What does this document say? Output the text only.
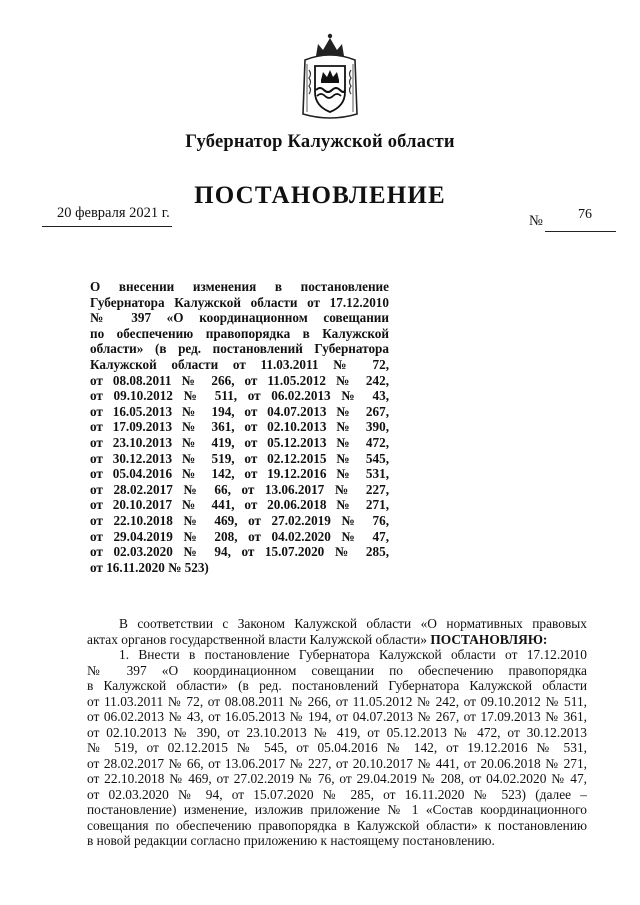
Губернатор Калужской области
ПОСТАНОВЛЕНИЕ
20 февраля 2021 г.	№	76
О внесении изменения в постановление
Губернатора Калужской области от 17.12.2010
№ 397 «О координационном совещании
по обеспечению правопорядка в Калужской
области» (в ред. постановлений Губернатора
Калужской области от 11.03.2011 № 72,
от 08.08.2011 № 266, от 11.05.2012 № 242,
от 09.10.2012 № 511, от 06.02.2013 № 43,
от 16.05.2013 № 194, от 04.07.2013 № 267,
от 17.09.2013 № 361, от 02.10.2013 № 390,
от 23.10.2013 № 419, от 05.12.2013 № 472,
от 30.12.2013 № 519, от 02.12.2015 № 545,
от 05.04.2016 № 142, от 19.12.2016 № 531,
от 28.02.2017 № 66, от 13.06.2017 № 227,
от 20.10.2017 № 441, от 20.06.2018 № 271,
от 22.10.2018 № 469, от 27.02.2019 № 76,
от 29.04.2019 № 208, от 04.02.2020 № 47,
от 02.03.2020 № 94, от 15.07.2020 № 285,
от 16.11.2020 № 523)
В соответствии с Законом Калужской области «О нормативных правовых
актах органов государственной власти Калужской области» ПОСТАНОВЛЯЮ:
1. Внести в постановление Губернатора Калужской области от 17.12.2010
№ 397 «О координационном совещании по обеспечению правопорядка
в Калужской области» (в ред. постановлений Губернатора Калужской области
от 11.03.2011 № 72, от 08.08.2011 № 266, от 11.05.2012 № 242, от 09.10.2012 № 511,
от 06.02.2013 № 43, от 16.05.2013 № 194, от 04.07.2013 № 267, от 17.09.2013 № 361,
от 02.10.2013 № 390, от 23.10.2013 № 419, от 05.12.2013 № 472, от 30.12.2013
№ 519, от 02.12.2015 № 545, от 05.04.2016 № 142, от 19.12.2016 № 531,
от 28.02.2017 № 66, от 13.06.2017 № 227, от 20.10.2017 № 441, от 20.06.2018 № 271,
от 22.10.2018 № 469, от 27.02.2019 № 76, от 29.04.2019 № 208, от 04.02.2020 № 47,
от 02.03.2020 № 94, от 15.07.2020 № 285, от 16.11.2020 № 523) (далее –
постановление) изменение, изложив приложение № 1 «Состав координационного
совещания по обеспечению правопорядка в Калужской области» к постановлению
в новой редакции согласно приложению к настоящему постановлению.
